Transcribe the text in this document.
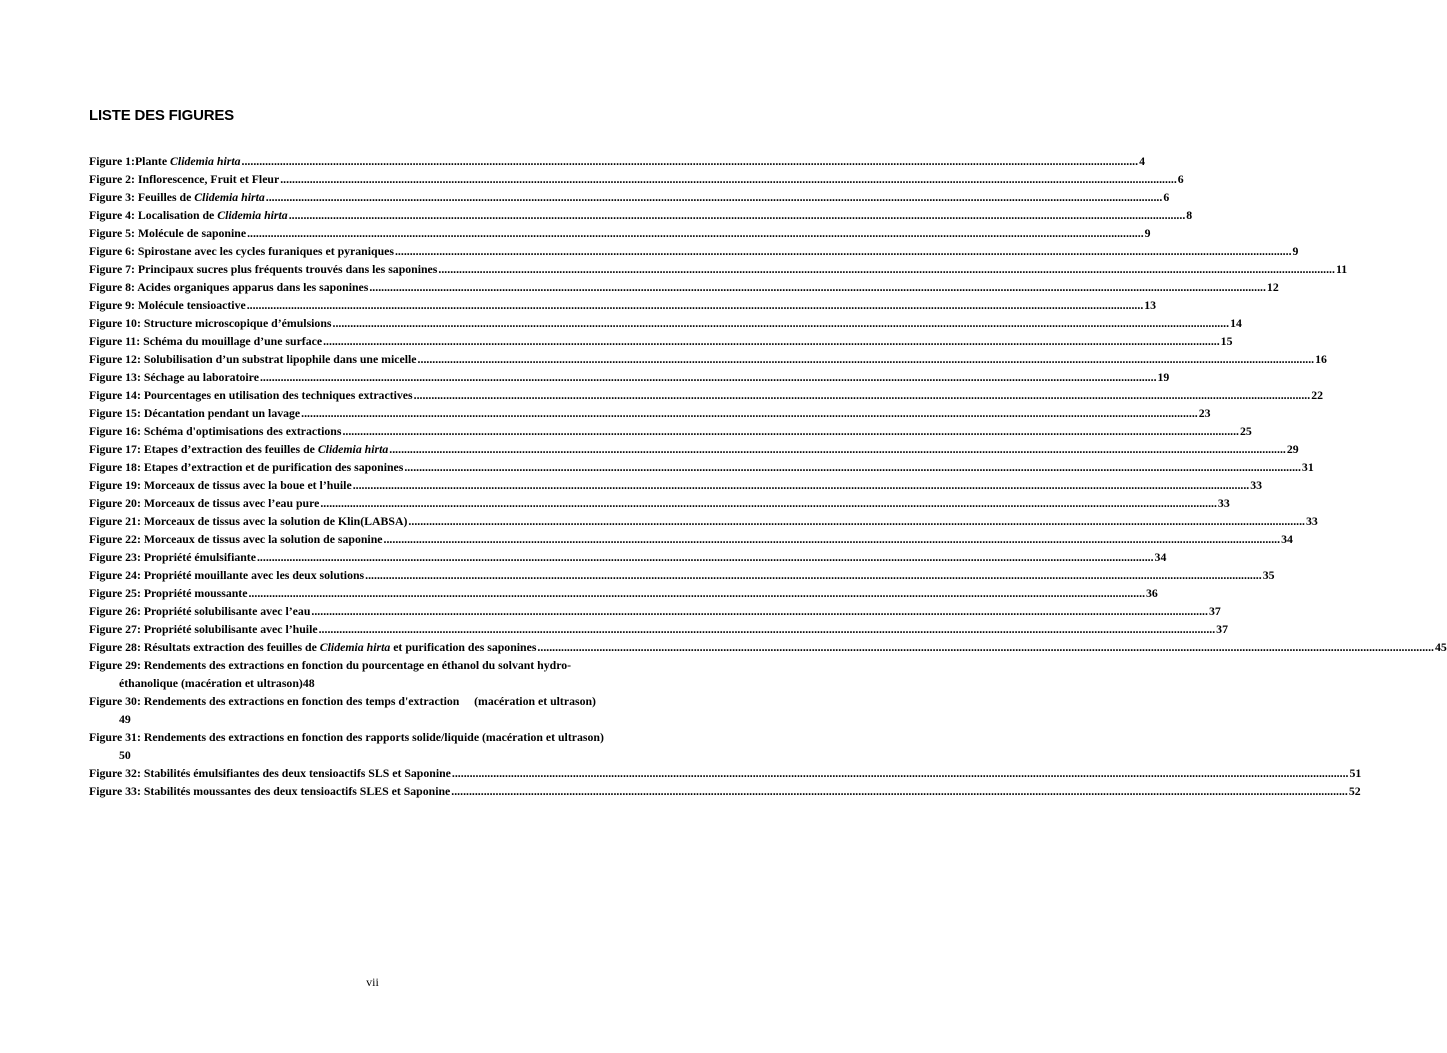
LISTE DES FIGURES
Figure 1:Plante Clidemia hirta .....	4
Figure 2: Inflorescence, Fruit et Fleur .....	6
Figure 3: Feuilles de Clidemia hirta .....	6
Figure 4: Localisation de Clidemia hirta .....	8
Figure 5: Molécule de saponine .....	9
Figure 6: Spirostane avec les cycles furaniques et pyraniques .....	9
Figure 7: Principaux sucres plus fréquents trouvés dans les saponines .....	11
Figure 8: Acides organiques apparus dans les saponines .....	12
Figure 9: Molécule tensioactive .....	13
Figure 10: Structure microscopique d’émulsions .....	14
Figure 11: Schéma du mouillage d’une surface .....	15
Figure 12: Solubilisation d’un substrat lipophile dans une micelle .....	16
Figure 13: Séchage au laboratoire .....	19
Figure 14: Pourcentages en utilisation des techniques extractives .....	22
Figure 15: Décantation pendant un lavage .....	23
Figure 16: Schéma d'optimisations des extractions .....	25
Figure 17: Etapes d’extraction des feuilles de Clidemia hirta .....	29
Figure 18: Etapes d’extraction et de purification des saponines .....	31
Figure 19: Morceaux de tissus avec la boue et l’huile .....	33
Figure 20: Morceaux de tissus avec l’eau pure .....	33
Figure 21: Morceaux de tissus avec la solution de Klin(LABSA) .....	33
Figure 22: Morceaux de tissus avec la solution de saponine .....	34
Figure 23: Propriété émulsifiante .....	34
Figure 24: Propriété mouillante avec les deux solutions .....	35
Figure 25: Propriété moussante .....	36
Figure 26: Propriété solubilisante avec l’eau .....	37
Figure 27: Propriété solubilisante avec l’huile .....	37
Figure 28: Résultats extraction des feuilles de Clidemia hirta et purification des saponines .....	45
Figure 29: Rendements des extractions en fonction du pourcentage en éthanol du solvant hydro-
éthanolique (macération et ultrason) 48
Figure 30: Rendements des extractions en fonction des temps d'extraction     (macération et ultrason)
49
Figure 31: Rendements des extractions en fonction des rapports solide/liquide (macération et ultrason)
50
Figure 32: Stabilités émulsifiantes des deux tensioactifs SLS et Saponine .....	51
Figure 33: Stabilités moussantes des deux tensioactifs SLES et Saponine .....	52
vii
